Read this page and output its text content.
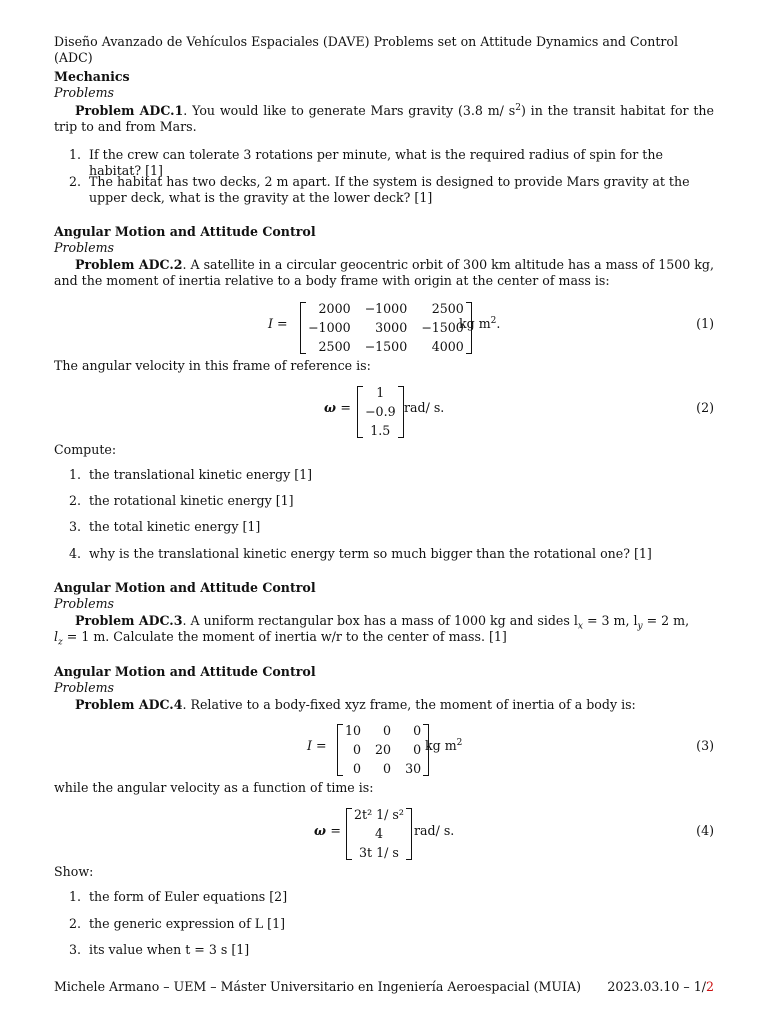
Diseño Avanzado de Vehículos Espaciales (DAVE) Problems set on Attitude Dynamics and Control (ADC)
Mechanics
Problems
Problem ADC.1. You would like to generate Mars gravity (3.8 m/ $s^2$) in the transit habitat for the trip to and from Mars.
1. If the crew can tolerate 3 rotations per minute, what is the required radius of spin for the habitat? [1]
2. The habitat has two decks, 2 m apart. If the system is designed to provide Mars gravity at the upper deck, what is the gravity at the lower deck? [1]
Angular Motion and Attitude Control
Problems
Problem ADC.2. A satellite in a circular geocentric orbit of 300 km altitude has a mass of 1500 kg, and the moment of inertia relative to a body frame with origin at the center of mass is:
I =
2000 −1000	2500
−1000	3000 −1500
2500 −1500	4000
kg $m^2$.	(1)
The angular velocity in this frame of reference is:
ω =
1
−0.9
1.5
rad/ s.	(2)
Compute:
1. the translational kinetic energy [1]
2. the rotational kinetic energy [1]
3. the total kinetic energy [1]
4. why is the translational kinetic energy term so much bigger than the rotational one? [1]
Angular Motion and Attitude Control
Problems
Problem ADC.3. A uniform rectangular box has a mass of 1000 kg and sides $l_x = 3$ m, $l_y = 2$ m,
$l_z = 1$ m. Calculate the moment of inertia w/r to the center of mass. [1]
Angular Motion and Attitude Control
Problems
Problem ADC.4. Relative to a body-fixed xyz frame, the moment of inertia of a body is:
I =
10	0	0
0 20	0
0	0 30
kg $m^2$	(3)
while the angular velocity as a function of time is:
ω =
2t² 1/ s²
4
3t 1/ s
rad/ s.	(4)
Show:
1. the form of Euler equations [2]
2. the generic expression of L [1]
3. its value when t = 3 s [1]
Michele Armano – UEM – Máster Universitario en Ingeniería Aeroespacial (MUIA) 2023.03.10 – 1/2
